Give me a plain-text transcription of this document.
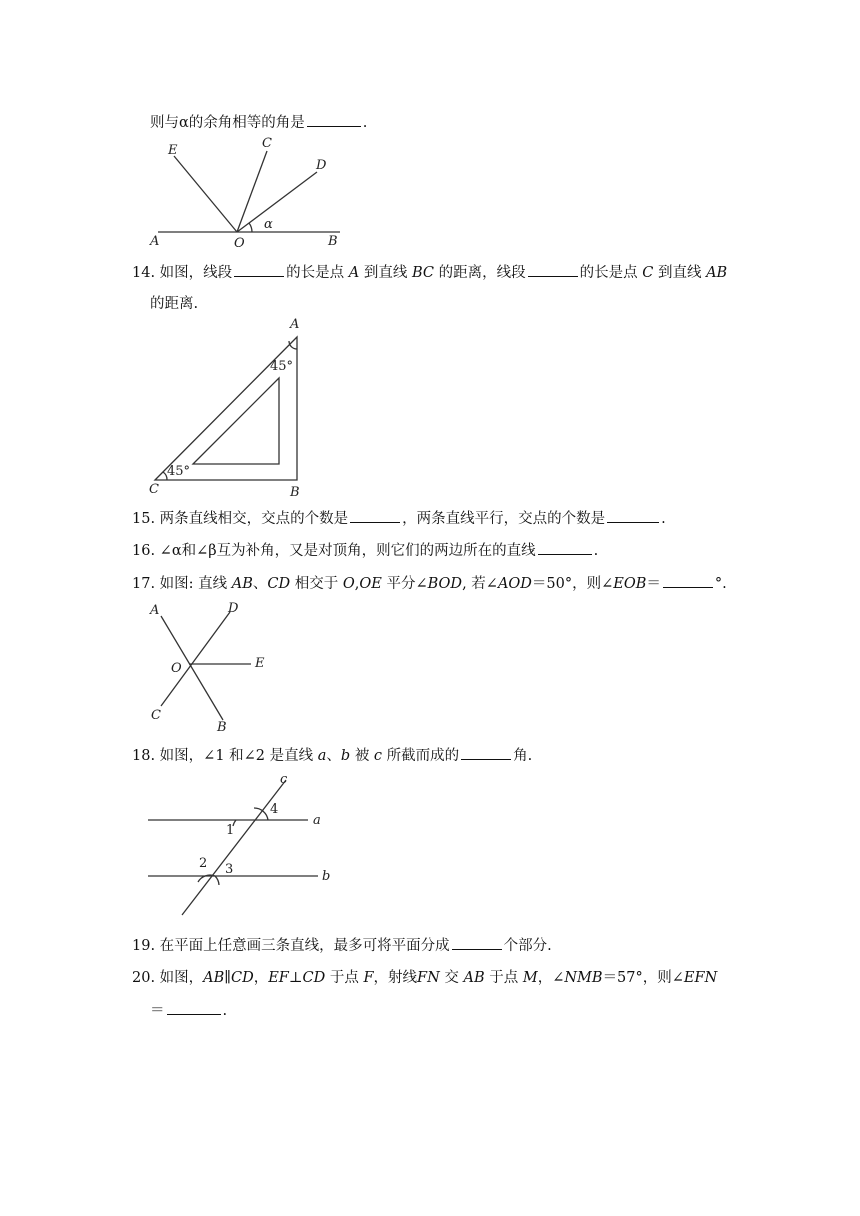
则与α的余角相等的角是	.
E	C
D
α
A	O	B
14. 如图，线段	的长是点 A 到直线 BC 的距离，线段	的长是点 C 到直线 AB
的距离.
A
45°
45°
C	B
15. 两条直线相交，交点的个数是	，两条直线平行，交点的个数是	.
16. ∠α和∠β互为补角，又是对顶角，则它们的两边所在的直线	.
17. 如图: 直线 AB、CD 相交于 O,OE 平分∠BOD, 若∠AOD＝50°，则∠EOB＝	°.
A	D
O	E
C
B
18. 如图，∠1 和∠2 是直线 a、b 被 c 所截而成的	角.
c
4
a
1
2 3	b
19. 在平面上任意画三条直线，最多可将平面分成	个部分.
20. 如图，AB∥CD，EF⊥CD 于点 F，射线FN 交 AB 于点 M，∠NMB＝57°，则∠EFN
＝	.
